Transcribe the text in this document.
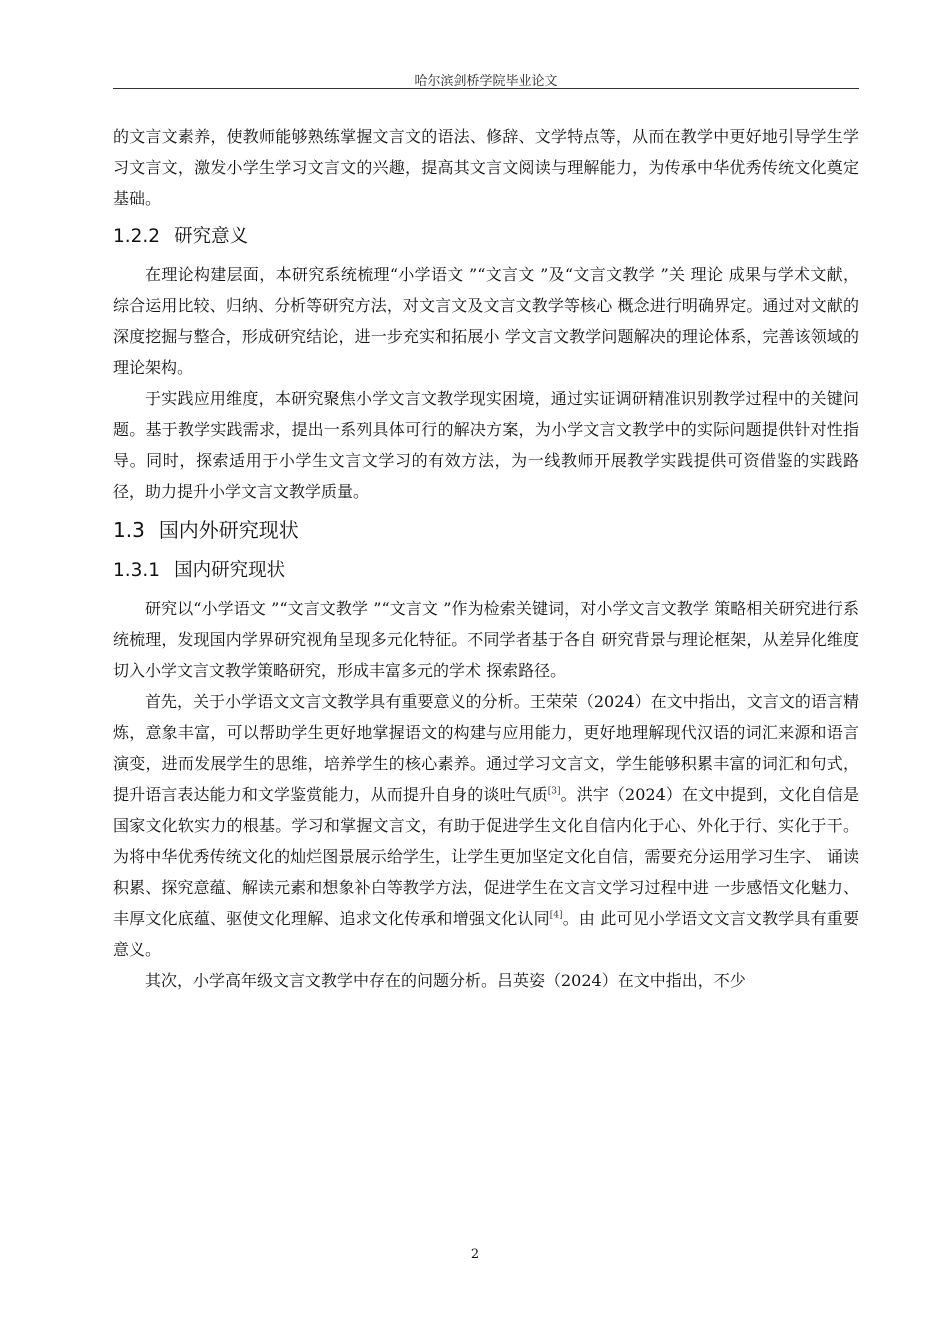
哈尔滨剑桥学院毕业论文

的文言文素养，使教师能够熟练掌握文言文的语法、修辞、文学特点等，从而在教学中更好地引导学生学习文言文，激发小学生学习文言文的兴趣，提高其文言文阅读与理解能力，为传承中华优秀传统文化奠定基础。

1.2.2 研究意义

在理论构建层面，本研究系统梳理“小学语文 ”“文言文 ”及“文言文教学 ”关 理论 成果与学术文献，综合运用比较、归纳、分析等研究方法，对文言文及文言文教学等核心 概念进行明确界定。通过对文献的深度挖掘与整合，形成研究结论，进一步充实和拓展小 学文言文教学问题解决的理论体系，完善该领域的理论架构。

于实践应用维度，本研究聚焦小学文言文教学现实困境，通过实证调研精准识别教学过程中的关键问题。基于教学实践需求，提出一系列具体可行的解决方案，为小学文言文教学中的实际问题提供针对性指导。同时，探索适用于小学生文言文学习的有效方法，为一线教师开展教学实践提供可资借鉴的实践路径，助力提升小学文言文教学质量。

1.3 国内外研究现状
1.3.1 国内研究现状

研究以“小学语文 ”“文言文教学 ”“文言文 ”作为检索关键词，对小学文言文教学 策略相关研究进行系统梳理，发现国内学界研究视角呈现多元化特征。不同学者基于各自 研究背景与理论框架，从差异化维度切入小学文言文教学策略研究，形成丰富多元的学术 探索路径。

首先，关于小学语文文言文教学具有重要意义的分析。王荣荣（2024）在文中指出，文言文的语言精炼，意象丰富，可以帮助学生更好地掌握语文的构建与应用能力，更好地理解现代汉语的词汇来源和语言演变，进而发展学生的思维，培养学生的核心素养。通过学习文言文，学生能够积累丰富的词汇和句式，提升语言表达能力和文学鉴赏能力，从而提升自身的谈吐气质[3]。洪宇（2024）在文中提到，文化自信是国家文化软实力的根基。学习和掌握文言文，有助于促进学生文化自信内化于心、外化于行、实化于干。为将中华优秀传统文化的灿烂图景展示给学生，让学生更加坚定文化自信，需要充分运用学习生字、 诵读积累、探究意蕴、解读元素和想象补白等教学方法，促进学生在文言文学习过程中进 一步感悟文化魅力、丰厚文化底蕴、驱使文化理解、追求文化传承和增强文化认同[4]。由 此可见小学语文文言文教学具有重要意义。

其次，小学高年级文言文教学中存在的问题分析。吕英姿（2024）在文中指出，不少

2
